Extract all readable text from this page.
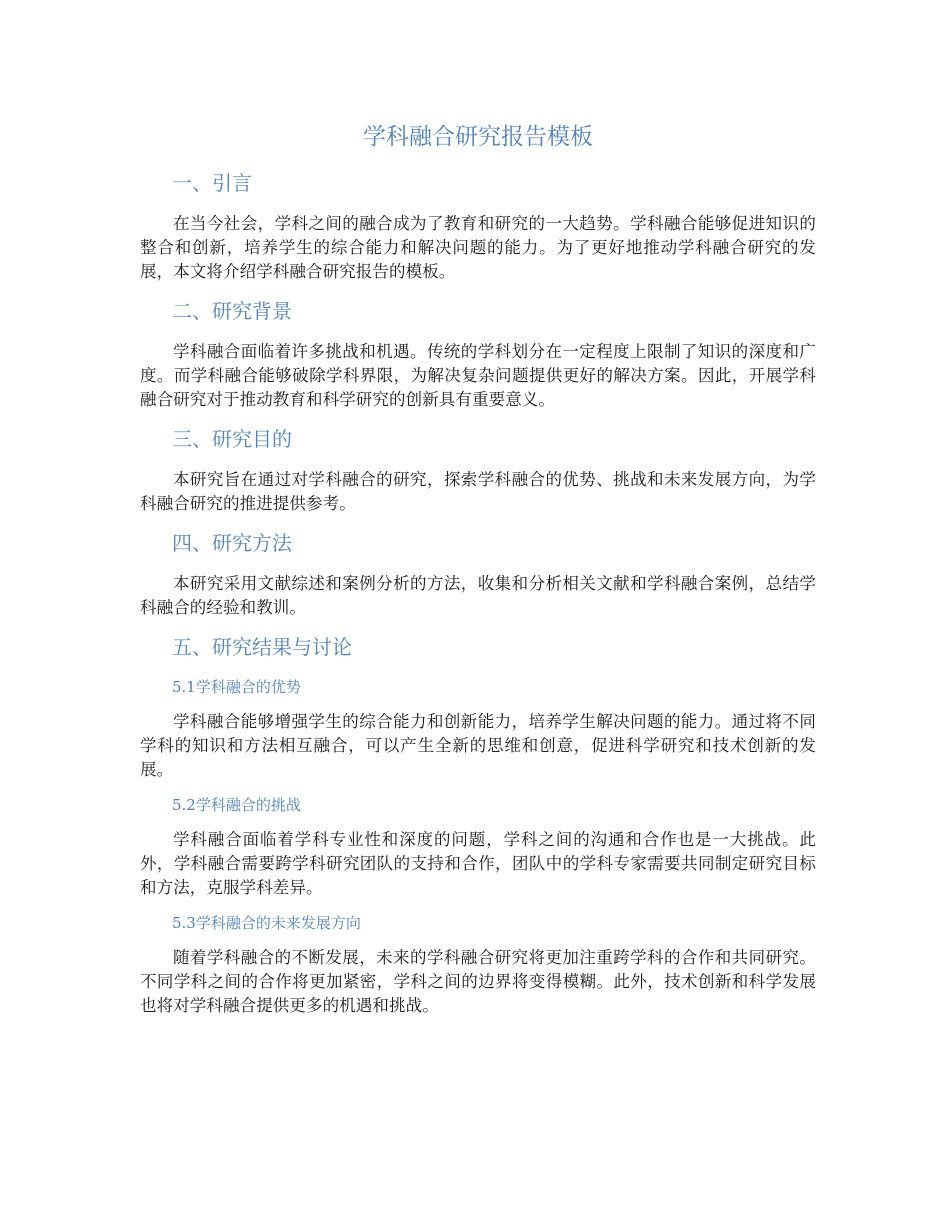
学科融合研究报告模板
一、引言
在当今社会，学科之间的融合成为了教育和研究的一大趋势。学科融合能够促进知识的整合和创新，培养学生的综合能力和解决问题的能力。为了更好地推动学科融合研究的发展，本文将介绍学科融合研究报告的模板。
二、研究背景
学科融合面临着许多挑战和机遇。传统的学科划分在一定程度上限制了知识的深度和广度。而学科融合能够破除学科界限，为解决复杂问题提供更好的解决方案。因此，开展学科融合研究对于推动教育和科学研究的创新具有重要意义。
三、研究目的
本研究旨在通过对学科融合的研究，探索学科融合的优势、挑战和未来发展方向，为学科融合研究的推进提供参考。
四、研究方法
本研究采用文献综述和案例分析的方法，收集和分析相关文献和学科融合案例，总结学科融合的经验和教训。
五、研究结果与讨论
5.1学科融合的优势
学科融合能够增强学生的综合能力和创新能力，培养学生解决问题的能力。通过将不同学科的知识和方法相互融合，可以产生全新的思维和创意，促进科学研究和技术创新的发展。
5.2学科融合的挑战
学科融合面临着学科专业性和深度的问题，学科之间的沟通和合作也是一大挑战。此外，学科融合需要跨学科研究团队的支持和合作，团队中的学科专家需要共同制定研究目标和方法，克服学科差异。
5.3学科融合的未来发展方向
随着学科融合的不断发展，未来的学科融合研究将更加注重跨学科的合作和共同研究。不同学科之间的合作将更加紧密，学科之间的边界将变得模糊。此外，技术创新和科学发展也将对学科融合提供更多的机遇和挑战。
